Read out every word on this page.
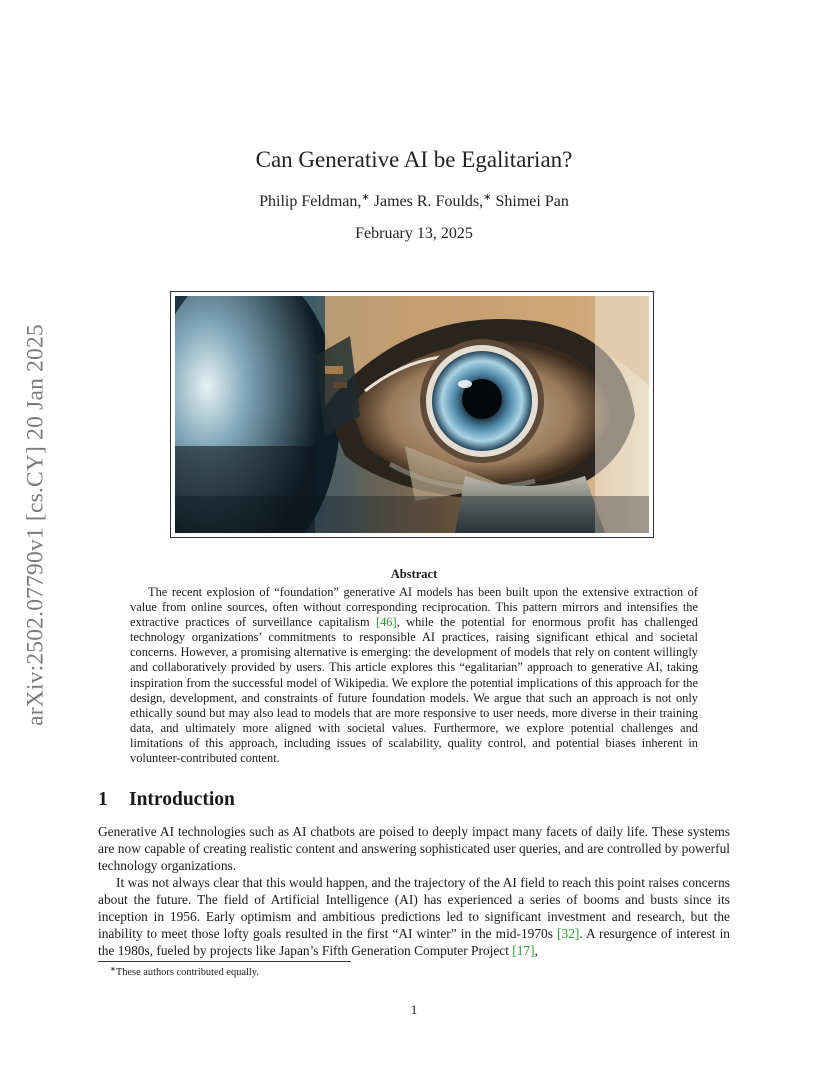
arXiv:2502.07790v1 [cs.CY] 20 Jan 2025
Can Generative AI be Egalitarian?
Philip Feldman,∗ James R. Foulds,∗ Shimei Pan
February 13, 2025
Abstract

The recent explosion of “foundation” generative AI models has been built upon the extensive extraction of value from online sources, often without corresponding reciprocation. This pattern mirrors and intensifies the extractive practices of surveillance capitalism [46], while the potential for enormous profit has challenged technology organizations’ commitments to responsible AI practices, raising significant ethical and societal concerns. However, a promising alternative is emerging: the development of models that rely on content willingly and collaboratively provided by users. This article explores this “egalitarian” approach to generative AI, taking inspiration from the successful model of Wikipedia. We explore the potential implications of this approach for the design, development, and constraints of future foundation models. We argue that such an approach is not only ethically sound but may also lead to models that are more responsive to user needs, more diverse in their training data, and ultimately more aligned with societal values. Furthermore, we explore potential challenges and limitations of this approach, including issues of scalability, quality control, and potential biases inherent in volunteer-contributed content.

1 Introduction

Generative AI technologies such as AI chatbots are poised to deeply impact many facets of daily life. These systems are now capable of creating realistic content and answering sophisticated user queries, and are controlled by powerful technology organizations.

It was not always clear that this would happen, and the trajectory of the AI field to reach this point raises concerns about the future. The field of Artificial Intelligence (AI) has experienced a series of booms and busts since its inception in 1956. Early optimism and ambitious predictions led to significant investment and research, but the inability to meet those lofty goals resulted in the first “AI winter” in the mid-1970s [32]. A resurgence of interest in the 1980s, fueled by projects like Japan’s Fifth Generation Computer Project [17],

∗These authors contributed equally.
1
